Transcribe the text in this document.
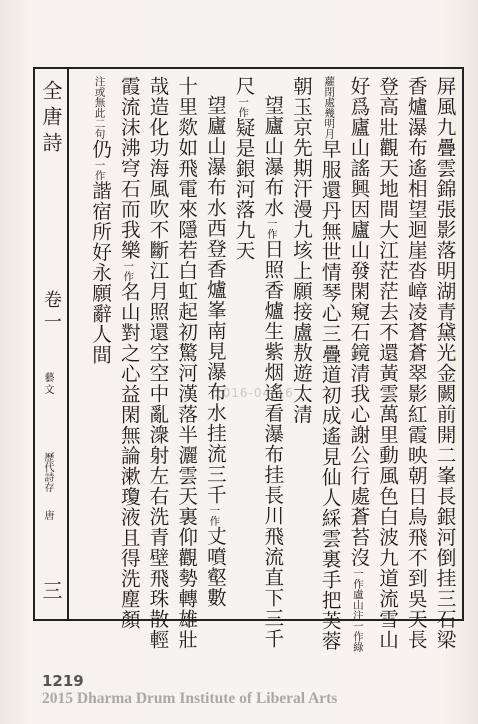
全唐詩
卷一
藝文
歷代詩存
唐
三	屏風九疊雲錦張影落明湖青黛光金闕前開二峯長銀河倒挂三石梁
香爐瀑布遙相望迴崖沓嶂凌蒼蒼翠影紅霞映朝日鳥飛不到吳天長
登高壯觀天地間大江茫茫去不還黃雲萬里動風色白波九道流雪山
好爲廬山謠興因廬山發閑窺石鏡清我心謝公行處蒼苔沒一作盧山注一作綠
蘿閉處幾明月早服還丹無世情琴心三疊道初成遙見仙人綵雲裏手把芙蓉
朝玉京先期汗漫九垓上願接盧敖遊太清
望廬山瀑布水一作日照香爐生紫烟遙看瀑布挂長川飛流直下三千
尺一作疑是銀河落九天
望廬山瀑布水西登香爐峯南見瀑布水挂流三千一作丈噴壑數
十里欻如飛電來隱若白虹起初驚河漢落半灑雲天裏仰觀勢轉雄壯
哉造化功海風吹不斷江月照還空空中亂潨射左右洗青壁飛珠散輕
霞流沫沸穹石而我樂一作名山對之心益閑無論漱瓊液且得洗塵顏
注或無此二句仍一作諧宿所好永願辭人間
2016-04-16
1219
2015 Dharma Drum Institute of Liberal Arts
